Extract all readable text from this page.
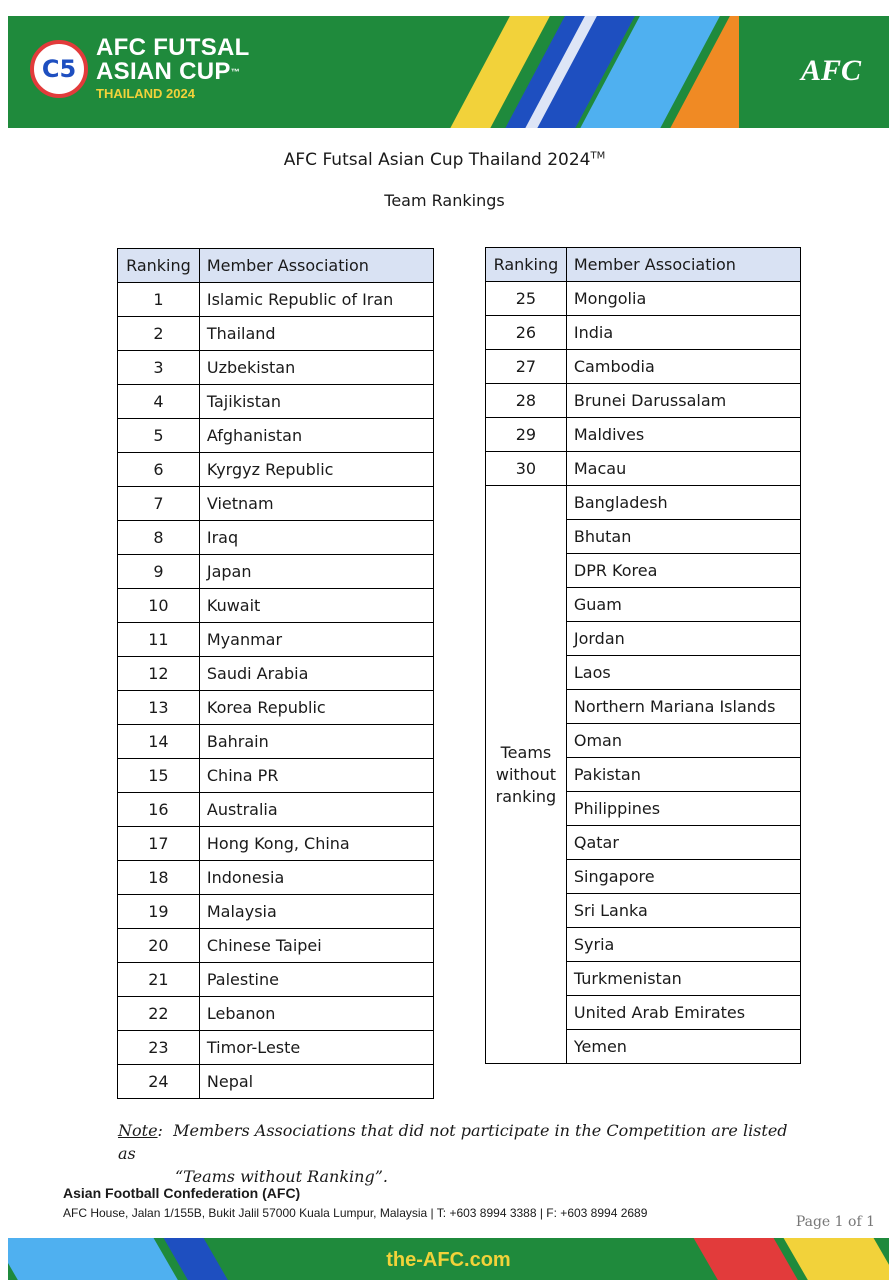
C5
AFC FUTSAL
ASIAN CUP™
THAILAND 2024
AFC
AFC Futsal Asian Cup Thailand 2024™
Team Rankings
Ranking	Member Association
1	Islamic Republic of Iran
2	Thailand
3	Uzbekistan
4	Tajikistan
5	Afghanistan
6	Kyrgyz Republic
7	Vietnam
8	Iraq
9	Japan
10	Kuwait
11	Myanmar
12	Saudi Arabia
13	Korea Republic
14	Bahrain
15	China PR
16	Australia
17	Hong Kong, China
18	Indonesia
19	Malaysia
20	Chinese Taipei
21	Palestine
22	Lebanon
23	Timor-Leste
24	Nepal
Ranking	Member Association
25	Mongolia
26	India
27	Cambodia
28	Brunei Darussalam
29	Maldives
30	Macau
Teams without ranking	Bangladesh
	Bhutan
	DPR Korea
	Guam
	Jordan
	Laos
	Northern Mariana Islands
	Oman
	Pakistan
	Philippines
	Qatar
	Singapore
	Sri Lanka
	Syria
	Turkmenistan
	United Arab Emirates
	Yemen
Note: Members Associations that did not participate in the Competition are listed as
“Teams without Ranking”.
Asian Football Confederation (AFC)
AFC House, Jalan 1/155B, Bukit Jalil 57000 Kuala Lumpur, Malaysia | T: +603 8994 3388 | F: +603 8994 2689
Page 1 of 1
the-AFC.com
